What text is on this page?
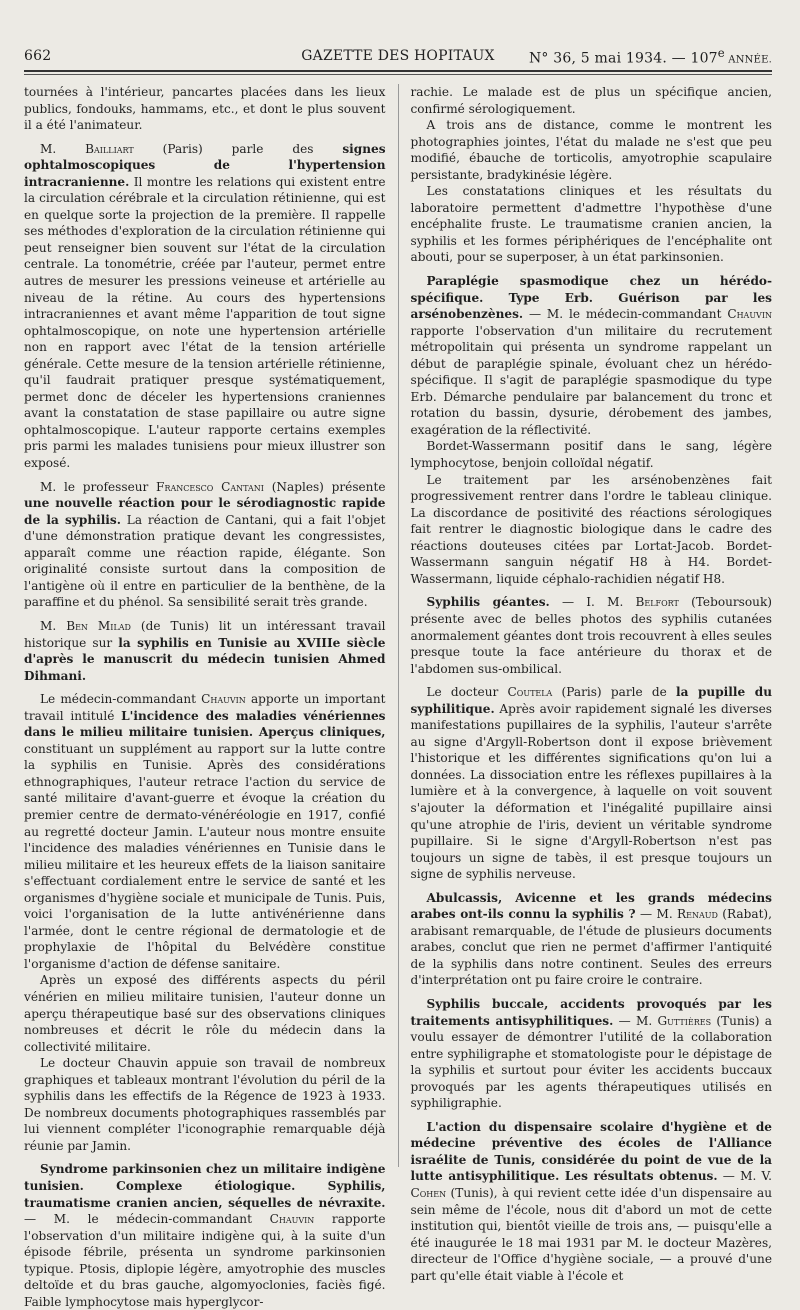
662	GAZETTE DES HOPITAUX	N° 36, 5 mai 1934. — 107e ANNÉE.

tournées à l'intérieur, pancartes placées dans les lieux publics, fondouks, hammams, etc., et dont le plus souvent il a été l'animateur.

M. Bailliart (Paris) parle des signes ophtalmoscopiques de l'hypertension intracranienne. Il montre les relations qui existent entre la circulation cérébrale et la circulation rétinienne, qui est en quelque sorte la projection de la première. Il rappelle ses méthodes d'exploration de la circulation rétinienne qui peut renseigner bien souvent sur l'état de la circulation centrale. La tonométrie, créée par l'auteur, permet entre autres de mesurer les pressions veineuse et artérielle au niveau de la rétine. Au cours des hypertensions intracraniennes et avant même l'apparition de tout signe ophtalmoscopique, on note une hypertension artérielle non en rapport avec l'état de la tension artérielle générale. Cette mesure de la tension artérielle rétinienne, qu'il faudrait pratiquer presque systématiquement, permet donc de déceler les hypertensions craniennes avant la constatation de stase papillaire ou autre signe ophtalmoscopique. L'auteur rapporte certains exemples pris parmi les malades tunisiens pour mieux illustrer son exposé.

M. le professeur Francesco Cantani (Naples) présente une nouvelle réaction pour le sérodiagnostic rapide de la syphilis. La réaction de Cantani, qui a fait l'objet d'une démonstration pratique devant les congressistes, apparaît comme une réaction rapide, élégante. Son originalité consiste surtout dans la composition de l'antigène où il entre en particulier de la benthène, de la paraffine et du phénol. Sa sensibilité serait très grande.

M. Ben Milad (de Tunis) lit un intéressant travail historique sur la syphilis en Tunisie au XVIIIe siècle d'après le manuscrit du médecin tunisien Ahmed Dihmani.

Le médecin-commandant Chauvin apporte un important travail intitulé L'incidence des maladies vénériennes dans le milieu militaire tunisien. Aperçus cliniques, constituant un supplément au rapport sur la lutte contre la syphilis en Tunisie. Après des considérations ethnographiques, l'auteur retrace l'action du service de santé militaire d'avant-guerre et évoque la création du premier centre de dermato-vénéréologie en 1917, confié au regretté docteur Jamin. L'auteur nous montre ensuite l'incidence des maladies vénériennes en Tunisie dans le milieu militaire et les heureux effets de la liaison sanitaire s'effectuant cordialement entre le service de santé et les organismes d'hygiène sociale et municipale de Tunis. Puis, voici l'organisation de la lutte antivénérienne dans l'armée, dont le centre régional de dermatologie et de prophylaxie de l'hôpital du Belvédère constitue l'organisme d'action de défense sanitaire.

Après un exposé des différents aspects du péril vénérien en milieu militaire tunisien, l'auteur donne un aperçu thérapeutique basé sur des observations cliniques nombreuses et décrit le rôle du médecin dans la collectivité militaire.

Le docteur Chauvin appuie son travail de nombreux graphiques et tableaux montrant l'évolution du péril de la syphilis dans les effectifs de la Régence de 1923 à 1933. De nombreux documents photographiques rassemblés par lui viennent compléter l'iconographie remarquable déjà réunie par Jamin.

Syndrome parkinsonien chez un militaire indigène tunisien. Complexe étiologique. Syphilis, traumatisme cranien ancien, séquelles de névraxite. — M. le médecin-commandant Chauvin rapporte l'observation d'un militaire indigène qui, à la suite d'un épisode fébrile, présenta un syndrome parkinsonien typique. Ptosis, diplopie légère, amyotrophie des muscles deltoïde et du bras gauche, algomyoclonies, faciès figé. Faible lymphocytose mais hyperglycor-

rachie. Le malade est de plus un spécifique ancien, confirmé sérologiquement.

A trois ans de distance, comme le montrent les photographies jointes, l'état du malade ne s'est que peu modifié, ébauche de torticolis, amyotrophie scapulaire persistante, bradykinésie légère.

Les constatations cliniques et les résultats du laboratoire permettent d'admettre l'hypothèse d'une encéphalite fruste. Le traumatisme cranien ancien, la syphilis et les formes périphériques de l'encéphalite ont abouti, pour se superposer, à un état parkinsonien.

Paraplégie spasmodique chez un hérédo-spécifique. Type Erb. Guérison par les arsénobenzènes. — M. le médecin-commandant Chauvin rapporte l'observation d'un militaire du recrutement métropolitain qui présenta un syndrome rappelant un début de paraplégie spinale, évoluant chez un hérédo-spécifique. Il s'agit de paraplégie spasmodique du type Erb. Démarche pendulaire par balancement du tronc et rotation du bassin, dysurie, dérobement des jambes, exagération de la réflectivité.

Bordet-Wassermann positif dans le sang, légère lymphocytose, benjoin colloïdal négatif.

Le traitement par les arsénobenzènes fait progressivement rentrer dans l'ordre le tableau clinique. La discordance de positivité des réactions sérologiques fait rentrer le diagnostic biologique dans le cadre des réactions douteuses citées par Lortat-Jacob. Bordet-Wassermann sanguin négatif H8 à H4. Bordet-Wassermann, liquide céphalo-rachidien négatif H8.

Syphilis géantes. — I. M. Belfort (Teboursouk) présente avec de belles photos des syphilis cutanées anormalement géantes dont trois recouvrent à elles seules presque toute la face antérieure du thorax et de l'abdomen sus-ombilical.

Le docteur Coutela (Paris) parle de la pupille du syphilitique. Après avoir rapidement signalé les diverses manifestations pupillaires de la syphilis, l'auteur s'arrête au signe d'Argyll-Robertson dont il expose brièvement l'historique et les différentes significations qu'on lui a données. La dissociation entre les réflexes pupillaires à la lumière et à la convergence, à laquelle on voit souvent s'ajouter la déformation et l'inégalité pupillaire ainsi qu'une atrophie de l'iris, devient un véritable syndrome pupillaire. Si le signe d'Argyll-Robertson n'est pas toujours un signe de tabès, il est presque toujours un signe de syphilis nerveuse.

Abulcassis, Avicenne et les grands médecins arabes ont-ils connu la syphilis ? — M. Renaud (Rabat), arabisant remarquable, de l'étude de plusieurs documents arabes, conclut que rien ne permet d'affirmer l'antiquité de la syphilis dans notre continent. Seules des erreurs d'interprétation ont pu faire croire le contraire.

Syphilis buccale, accidents provoqués par les traitements antisyphilitiques. — M. Guttières (Tunis) a voulu essayer de démontrer l'utilité de la collaboration entre syphiligraphe et stomatologiste pour le dépistage de la syphilis et surtout pour éviter les accidents buccaux provoqués par les agents thérapeutiques utilisés en syphiligraphie.

L'action du dispensaire scolaire d'hygiène et de médecine préventive des écoles de l'Alliance israélite de Tunis, considérée du point de vue de la lutte antisyphilitique. Les résultats obtenus. — M. V. Cohen (Tunis), à qui revient cette idée d'un dispensaire au sein même de l'école, nous dit d'abord un mot de cette institution qui, bientôt vieille de trois ans, — puisqu'elle a été inaugurée le 18 mai 1931 par M. le docteur Mazères, directeur de l'Office d'hygiène sociale, — a prouvé d'une part qu'elle était viable à l'école et
